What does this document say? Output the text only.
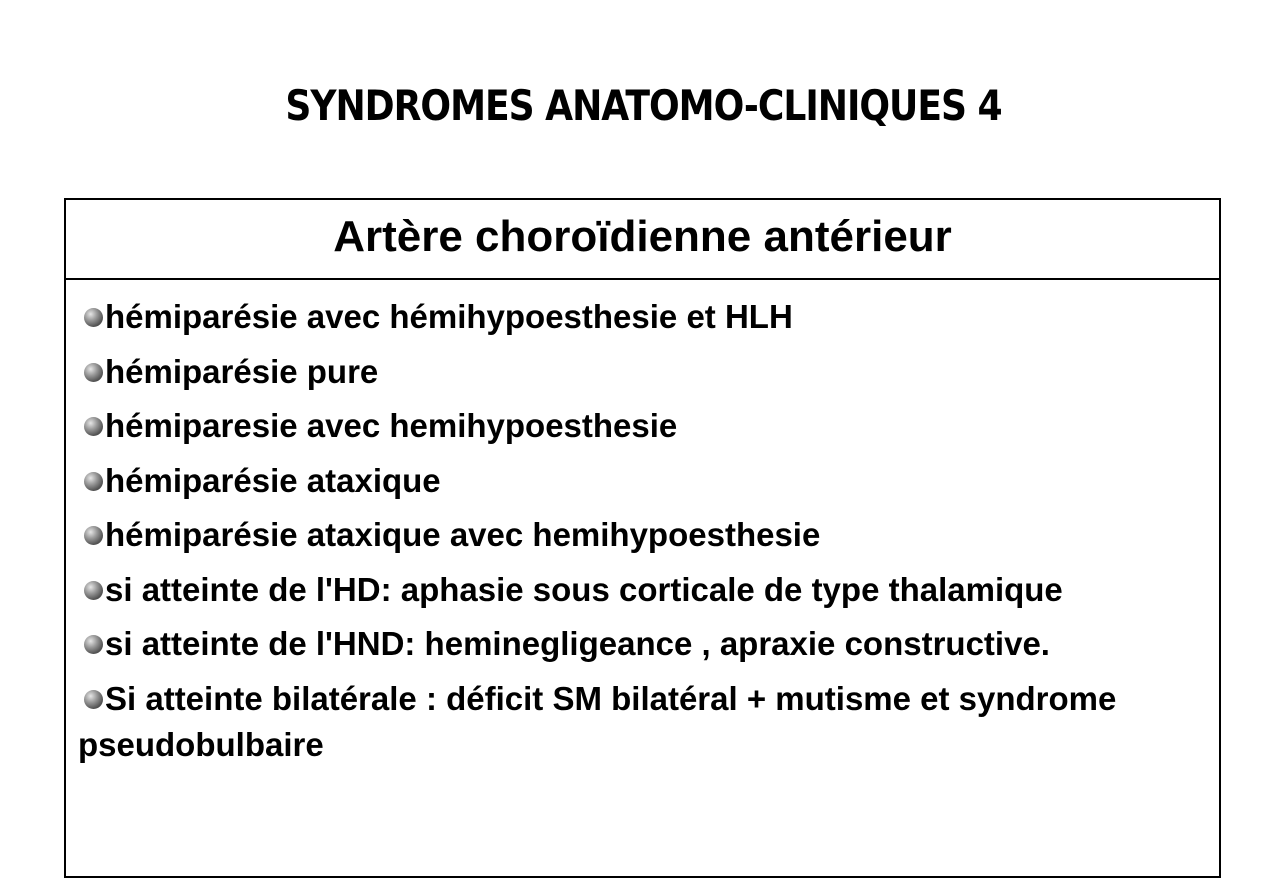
SYNDROMES ANATOMO-CLINIQUES 4
Artère choroïdienne antérieur
hémiparésie avec hémihypoesthesie et HLH
hémiparésie pure
hémiparesie avec hemihypoesthesie
hémiparésie ataxique
hémiparésie ataxique avec hemihypoesthesie
si atteinte de l'HD: aphasie sous corticale de type thalamique
si atteinte de l'HND: hemineglig​eance , apraxie constructive.
Si atteinte bilatérale : déficit SM bilatéral + mutisme et syndrome pseudobulbaire
